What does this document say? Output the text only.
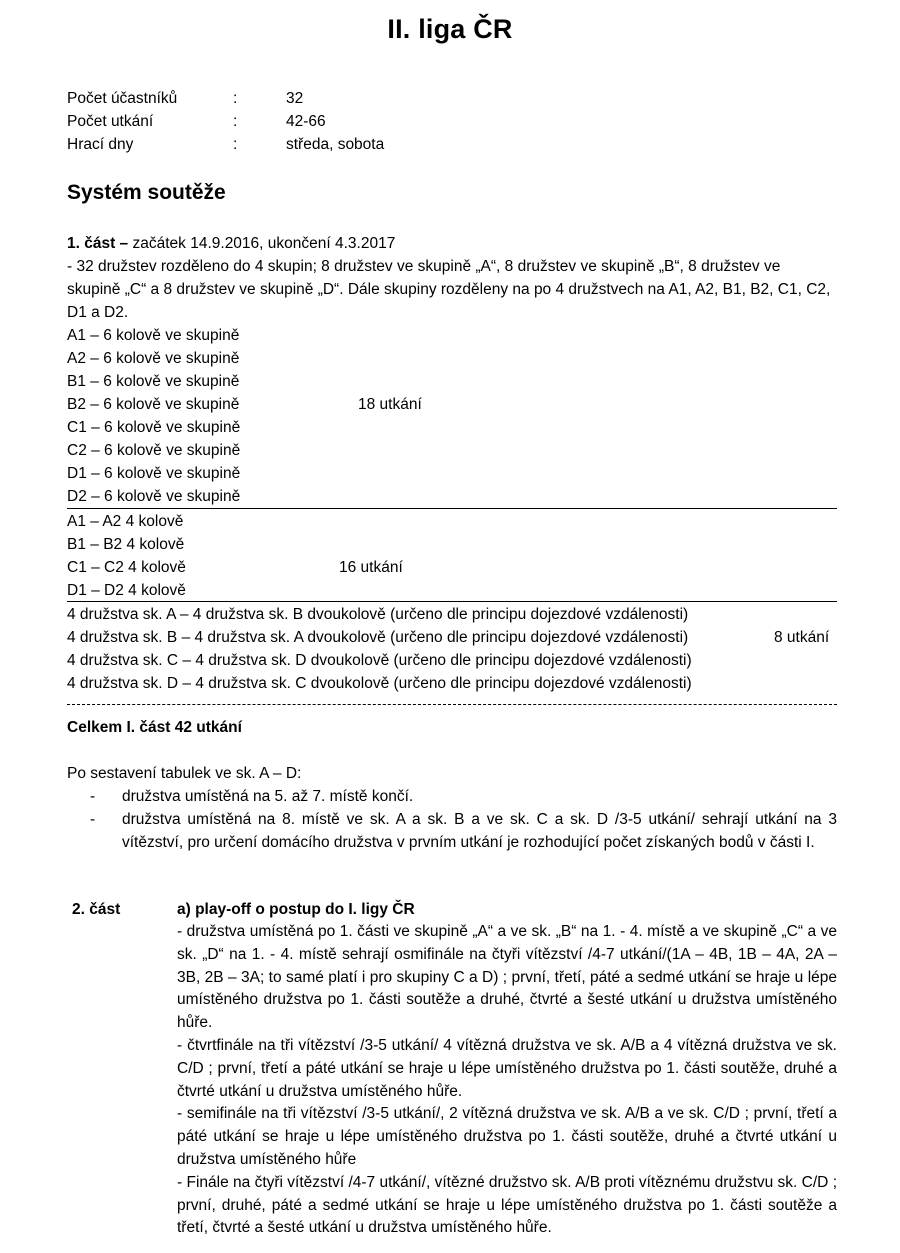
II. liga ČR
Počet účastníků	:	32
Počet utkání	:	42-66
Hrací dny	:	středa, sobota
Systém soutěže
1. část – začátek 14.9.2016, ukončení 4.3.2017
- 32 družstev rozděleno do 4 skupin; 8 družstev ve skupině „A“, 8 družstev ve skupině „B“, 8 družstev ve skupině „C“ a 8 družstev ve skupině „D“. Dále skupiny rozděleny na po 4 družstvech na A1, A2, B1, B2, C1, C2, D1 a D2.
A1 – 6 kolově ve skupině
A2 – 6 kolově ve skupině
B1 – 6 kolově ve skupině
B2 – 6 kolově ve skupině
C1 – 6 kolově ve skupině
C2 – 6 kolově ve skupině
D1 – 6 kolově ve skupině
D2 – 6 kolově ve skupině
18 utkání
A1 – A2 4 kolově
B1 – B2 4 kolově
C1 – C2 4 kolově
D1 – D2 4 kolově
16 utkání
4 družstva sk. A – 4 družstva sk. B dvoukolově (určeno dle principu dojezdové vzdálenosti)
4 družstva sk. B – 4 družstva sk. A dvoukolově (určeno dle principu dojezdové vzdálenosti)
4 družstva sk. C – 4 družstva sk. D dvoukolově (určeno dle principu dojezdové vzdálenosti)
4 družstva sk. D – 4 družstva sk. C dvoukolově (určeno dle principu dojezdové vzdálenosti)
8 utkání
Celkem I. část 42 utkání
Po sestavení tabulek ve sk. A – D:
-	družstva umístěná na 5. až 7. místě končí.
-	družstva umístěná na 8. místě ve sk. A a sk. B a ve sk. C a sk. D /3-5 utkání/ sehrají utkání na 3 vítězství, pro určení domácího družstva v prvním utkání je rozhodující počet získaných bodů v části I.
2. část	a) play-off o postup do I. ligy ČR

- družstva umístěná po 1. části ve skupině „A“ a ve sk. „B“ na 1. - 4. místě a ve skupině „C“ a ve sk. „D“ na 1. - 4. místě sehrají osmifinále na čtyři vítězství /4-7 utkání/(1A – 4B, 1B – 4A, 2A – 3B, 2B – 3A; to samé platí i pro skupiny C a D) ; první, třetí, páté a sedmé utkání se hraje u lépe umístěného družstva po 1. části soutěže a druhé, čtvrté a šesté utkání u družstva umístěného hůře.

- čtvrtfinále na tři vítězství /3-5 utkání/ 4 vítězná družstva ve sk. A/B a 4 vítězná družstva ve sk. C/D ; první, třetí a páté utkání se hraje u lépe umístěného družstva po 1. části soutěže, druhé a čtvrté utkání u družstva umístěného hůře.

- semifinále na tři vítězství /3-5 utkání/, 2 vítězná družstva ve sk. A/B a ve sk. C/D ; první, třetí a páté utkání se hraje u lépe umístěného družstva po 1. části soutěže, druhé a čtvrté utkání u družstva umístěného hůře

- Finále na čtyři vítězství /4-7 utkání/, vítězné družstvo sk. A/B proti vítěznému družstvu sk. C/D ; první, druhé, páté a sedmé utkání se hraje u lépe umístěného družstva po 1. části soutěže a třetí, čtvrté a šesté utkání u družstva umístěného hůře.
